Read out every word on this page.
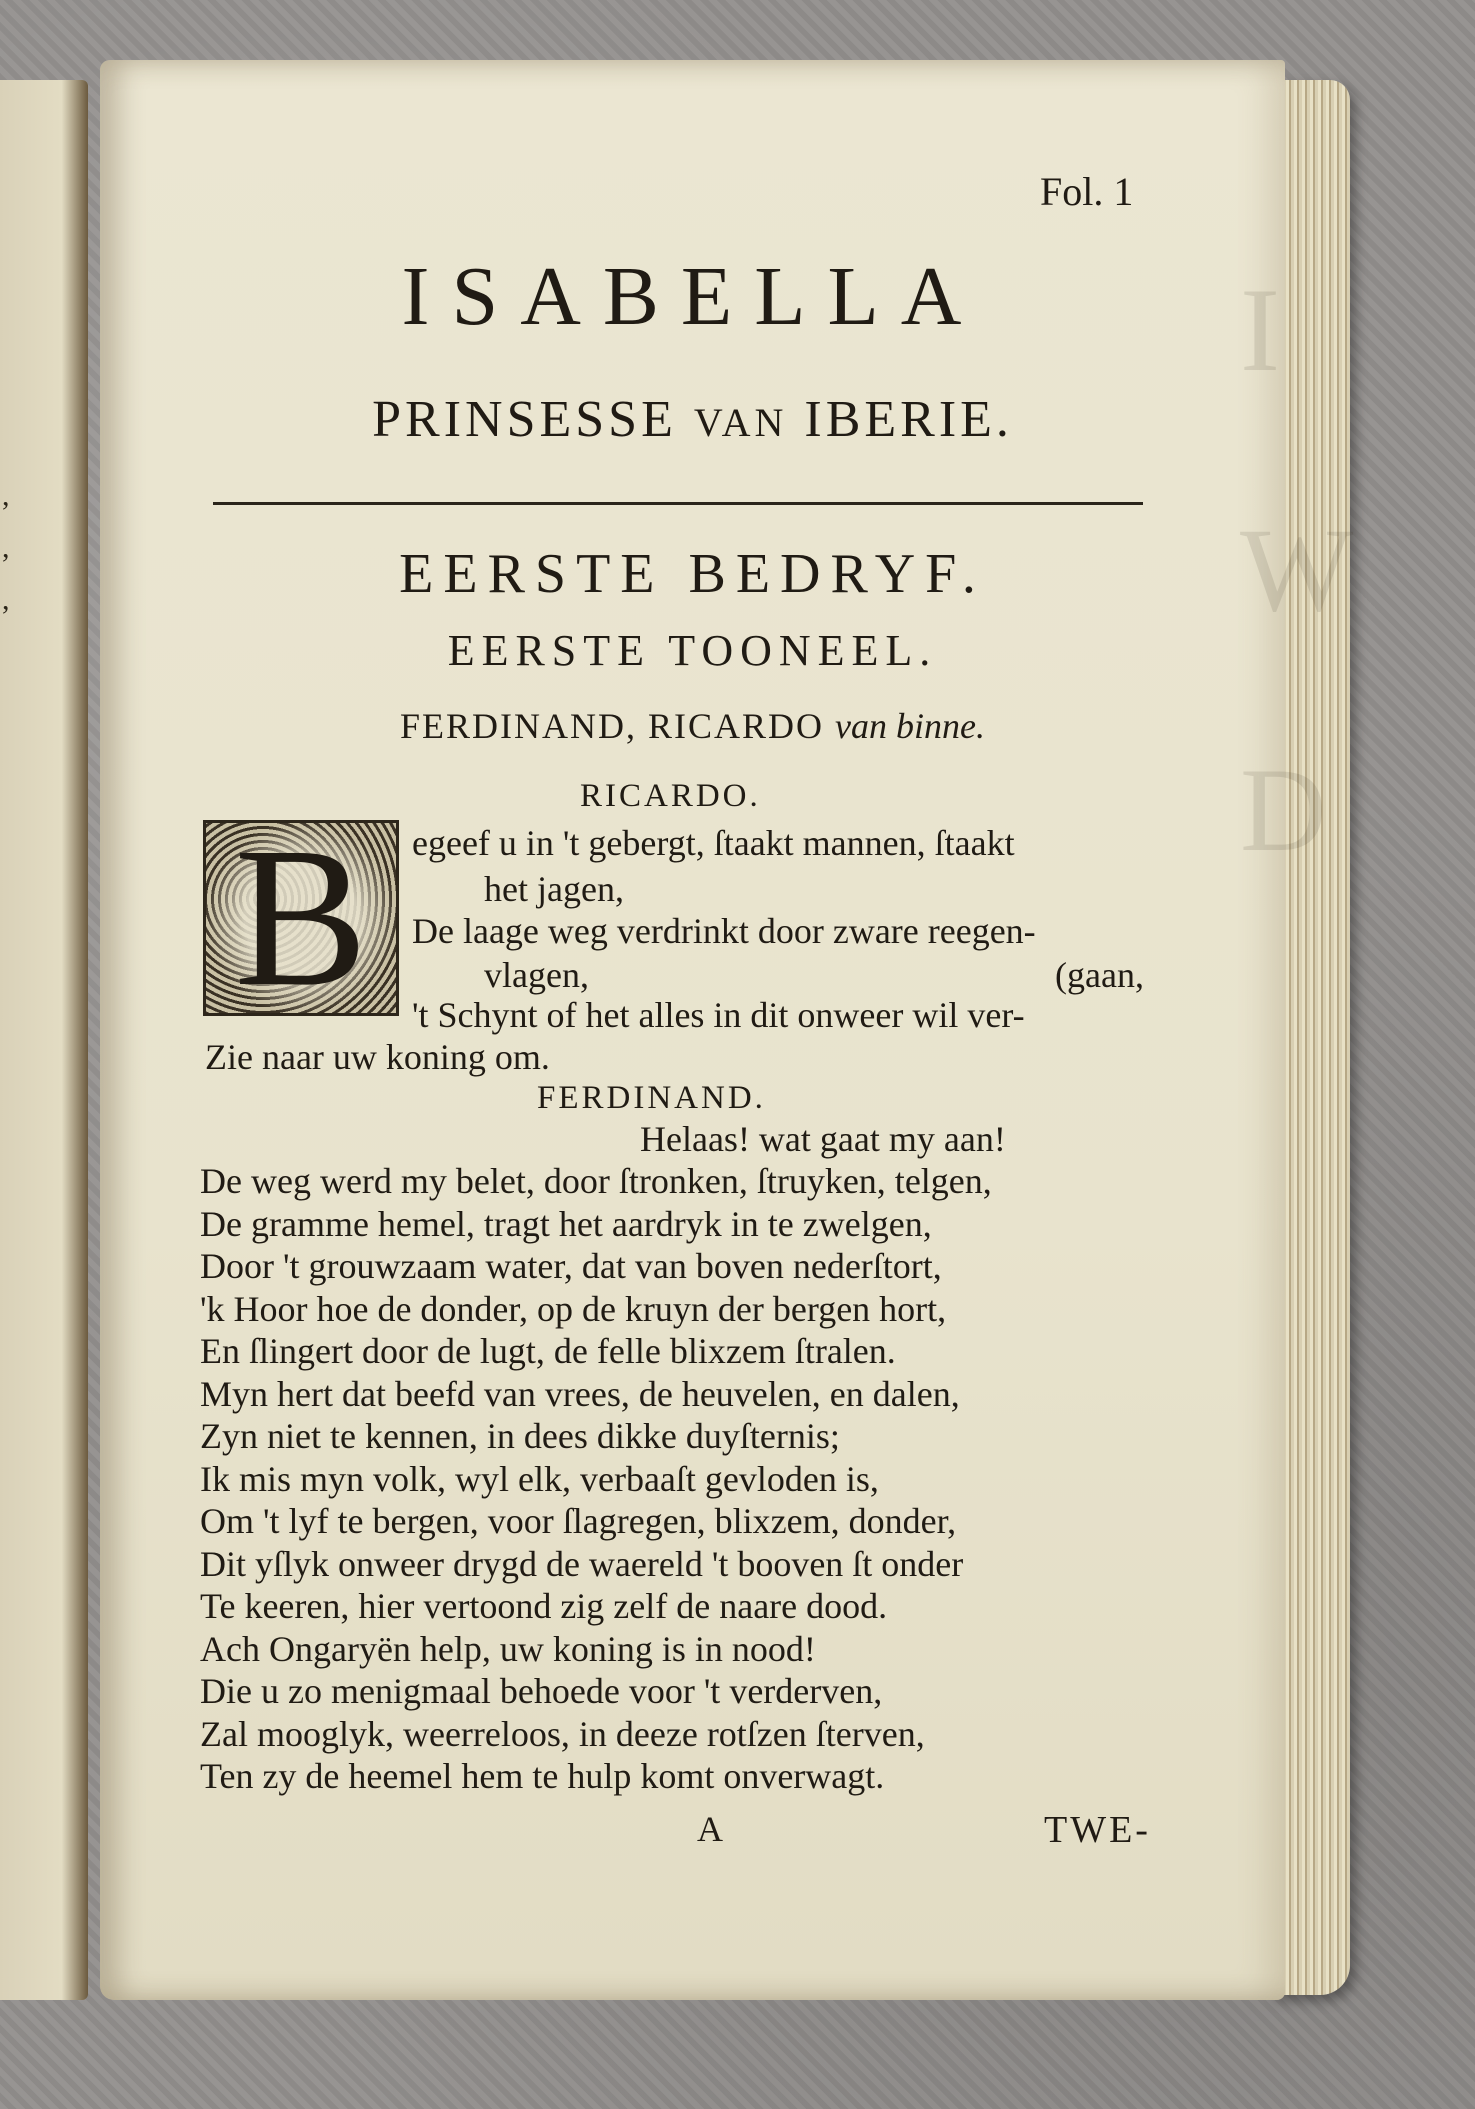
,
,
,
I
W
D
Fol. 1
ISABELLA
PRINSESSE VAN IBERIE.
EERSTE BEDRYF.
EERSTE TOONEEL.
FERDINAND, RICARDO van binne.
RICARDO.
B	egeef u in 't gebergt, ſtaakt mannen, ſtaakt
het jagen,
De laage weg verdrinkt door zware reegen-
vlagen,	(gaan,
't Schynt of het alles in dit onweer wil ver-
Zie naar uw koning om.
FERDINAND.
Helaas! wat gaat my aan!
De weg werd my belet, door ſtronken, ſtruyken, telgen,
De gramme hemel, tragt het aardryk in te zwelgen,
Door 't grouwzaam water, dat van boven nederſtort,
'k Hoor hoe de donder, op de kruyn der bergen hort,
En ſlingert door de lugt, de felle blixzem ſtralen.
Myn hert dat beefd van vrees, de heuvelen, en dalen,
Zyn niet te kennen, in dees dikke duyſternis;
Ik mis myn volk, wyl elk, verbaaſt gevloden is,
Om 't lyf te bergen, voor ſlagregen, blixzem, donder,
Dit yſlyk onweer drygd de waereld 't booven ſt onder
Te keeren, hier vertoond zig zelf de naare dood.
Ach Ongaryën help, uw koning is in nood!
Die u zo menigmaal behoede voor 't verderven,
Zal mooglyk, weerreloos, in deeze rotſzen ſterven,
Ten zy de heemel hem te hulp komt onverwagt.
A	TWE-
